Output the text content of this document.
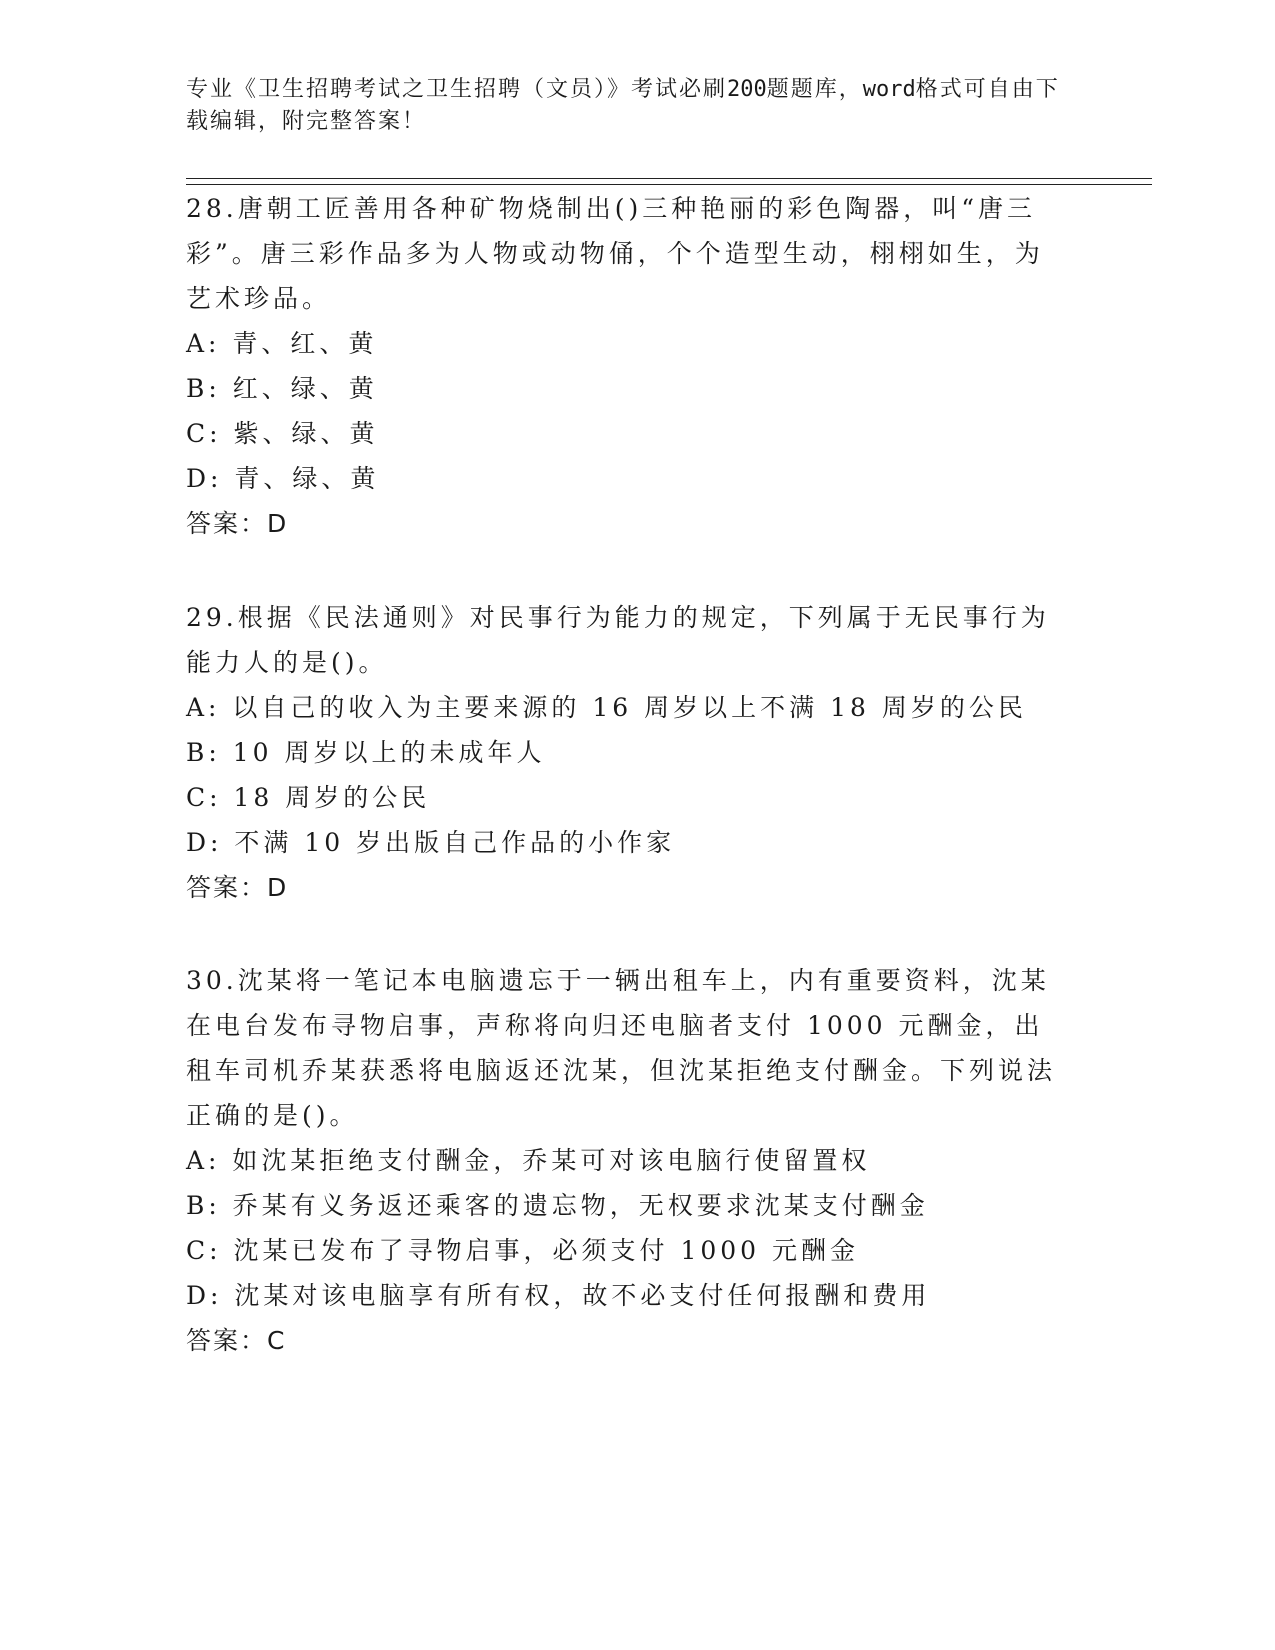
专业《卫生招聘考试之卫生招聘（文员）》考试必刷200题题库，word格式可自由下载编辑，附完整答案！

28.唐朝工匠善用各种矿物烧制出()三种艳丽的彩色陶器，叫“唐三彩”。唐三彩作品多为人物或动物俑，个个造型生动，栩栩如生，为艺术珍品。

A: 青、红、黄

B: 红、绿、黄

C: 紫、绿、黄

D: 青、绿、黄

答案：D

29.根据《民法通则》对民事行为能力的规定，下列属于无民事行为能力人的是()。

A: 以自己的收入为主要来源的 16 周岁以上不满 18 周岁的公民

B: 10 周岁以上的未成年人

C: 18 周岁的公民

D: 不满 10 岁出版自己作品的小作家

答案：D

30.沈某将一笔记本电脑遗忘于一辆出租车上，内有重要资料，沈某在电台发布寻物启事，声称将向归还电脑者支付 1000 元酬金，出租车司机乔某获悉将电脑返还沈某，但沈某拒绝支付酬金。下列说法正确的是()。

A: 如沈某拒绝支付酬金，乔某可对该电脑行使留置权

B: 乔某有义务返还乘客的遗忘物，无权要求沈某支付酬金

C: 沈某已发布了寻物启事，必须支付 1000 元酬金

D: 沈某对该电脑享有所有权，故不必支付任何报酬和费用

答案：C
